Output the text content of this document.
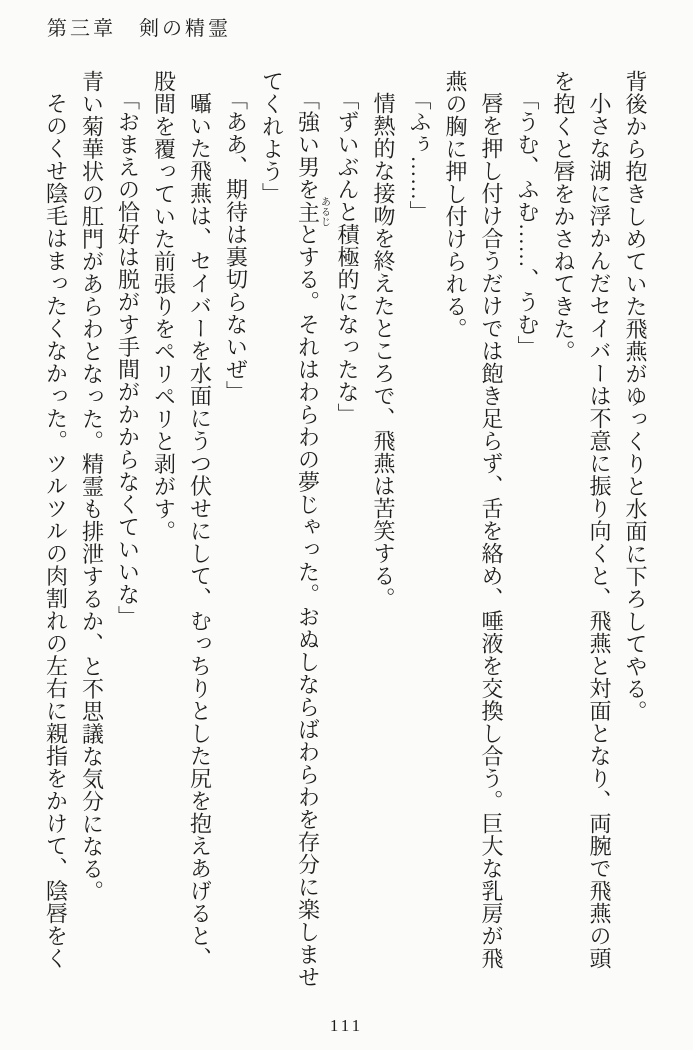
第三章　剣の精霊
背後から抱きしめていた飛燕がゆっくりと水面に下ろしてやる。
小さな湖に浮かんだセイバーは不意に振り向くと、飛燕と対面となり、両腕で飛燕の頭
を抱くと唇をかさねてきた。
「うむ、ふむ……、うむ」
唇を押し付け合うだけでは飽き足らず、舌を絡め、唾液を交換し合う。巨大な乳房が飛
燕の胸に押し付けられる。
「ふぅ……」
情熱的な接吻を終えたところで、飛燕は苦笑する。
「ずいぶんと積極的になったな」
「強い男を主あるじとする。それはわらわの夢じゃった。おぬしならばわらわを存分に楽しませ
てくれよう」
「ああ、期待は裏切らないぜ」
囁いた飛燕は、セイバーを水面にうつ伏せにして、むっちりとした尻を抱えあげると、
股間を覆っていた前張りをペリペリと剥がす。
「おまえの恰好は脱がす手間がかからなくていいな」
青い菊華状の肛門があらわとなった。精霊も排泄するか、と不思議な気分になる。
そのくせ陰毛はまったくなかった。ツルツルの肉割れの左右に親指をかけて、陰唇をく
111
